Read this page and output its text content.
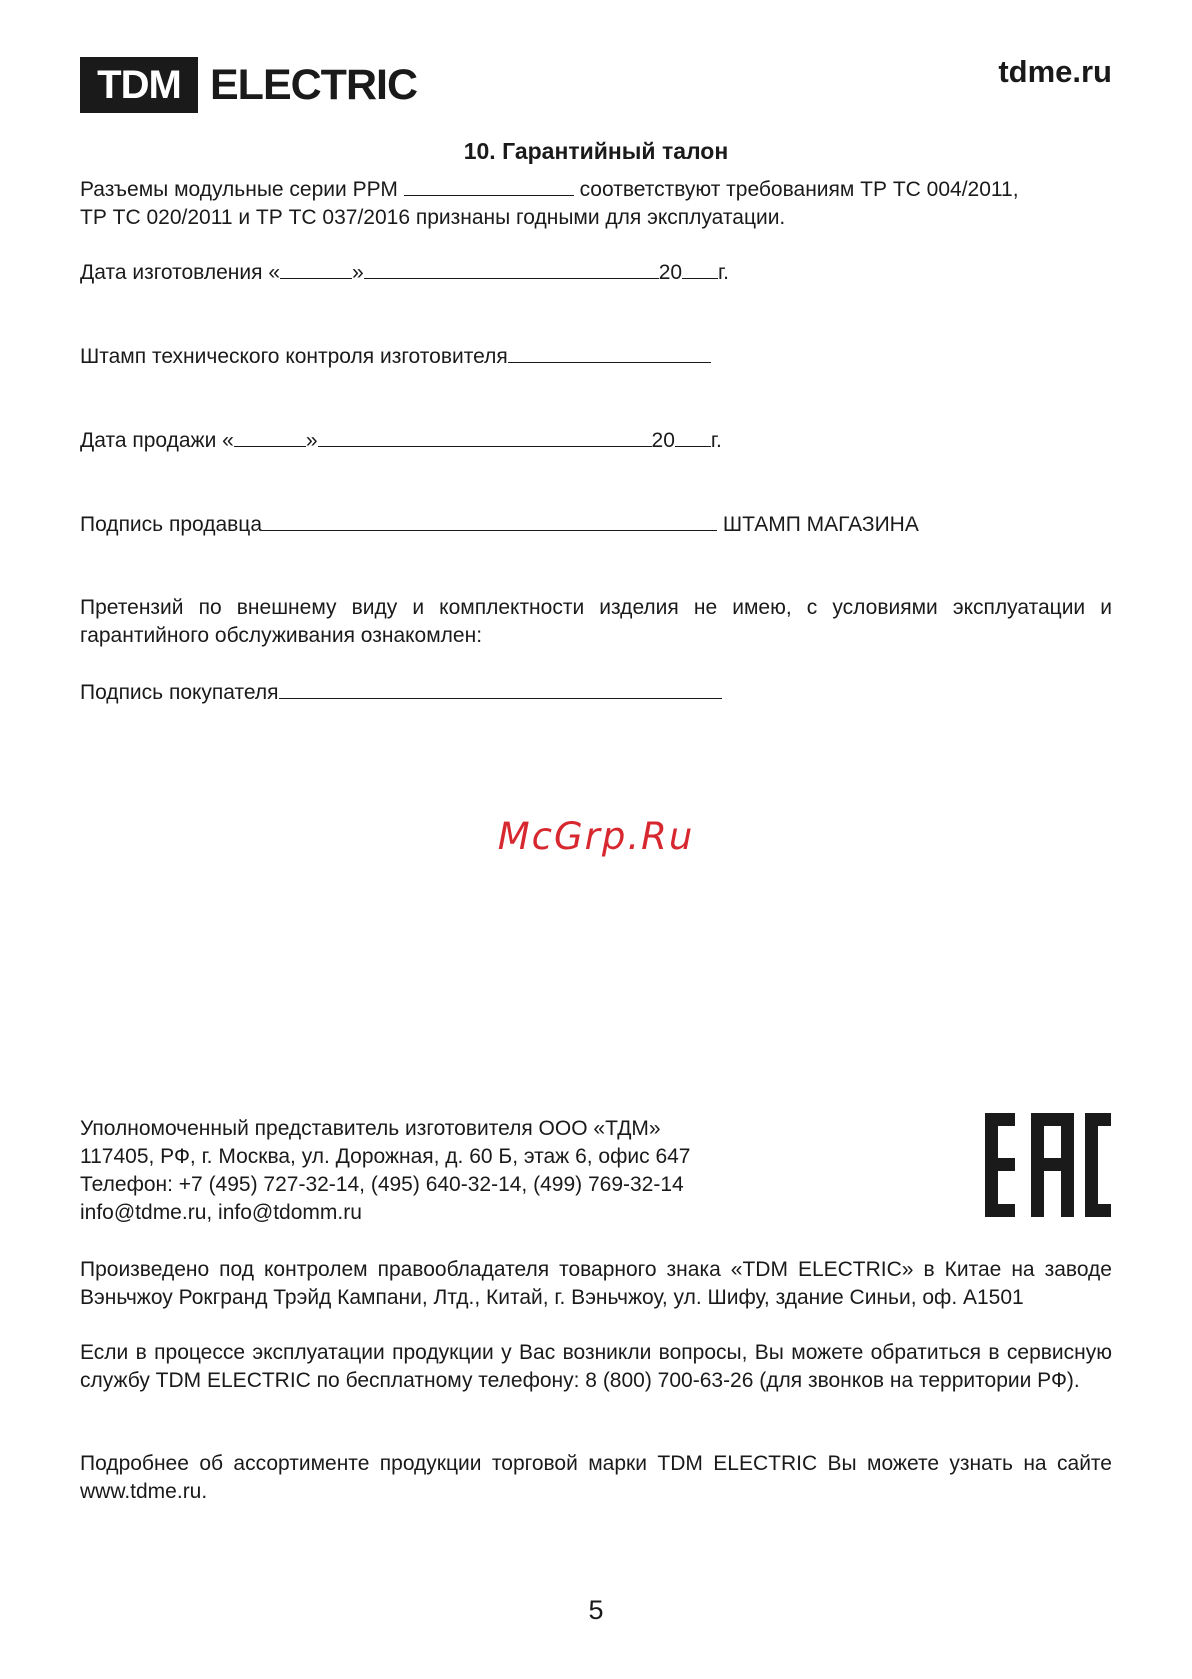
TDM ELECTRIC	tdme.ru
10. Гарантийный талон
Разъемы модульные серии РРМ	соответствуют требованиям ТР ТС 004/2011,
ТР ТС 020/2011 и ТР ТС 037/2016 признаны годными для эксплуатации.
Дата изготовления «	»	20 г.
Штамп технического контроля изготовителя
Дата продажи «	»	20 г.
Подпись продавца	ШТАМП МАГАЗИНА
Претензий по внешнему виду и комплектности изделия не имею, с условиями эксплуатации и гарантийного обслуживания ознакомлен:
Подпись покупателя
McGrp.Ru
Уполномоченный представитель изготовителя ООО «ТДМ»
117405, РФ, г. Москва, ул. Дорожная, д. 60 Б, этаж 6, офис 647
Телефон: +7 (495) 727-32-14, (495) 640-32-14, (499) 769-32-14
info@tdme.ru, info@tdomm.ru
Произведено под контролем правообладателя товарного знака «TDM ELECTRIC» в Китае на заводе Вэньчжоу Рокгранд Трэйд Кампани, Лтд., Китай, г. Вэньчжоу, ул. Шифу, здание Синьи, оф. А1501
Если в процессе эксплуатации продукции у Вас возникли вопросы, Вы можете обратиться в сервисную службу TDM ELECTRIC по бесплатному телефону: 8 (800) 700-63-26 (для звонков на территории РФ).
Подробнее об ассортименте продукции торговой марки TDM ELECTRIC Вы можете узнать на сайте www.tdme.ru.
5
